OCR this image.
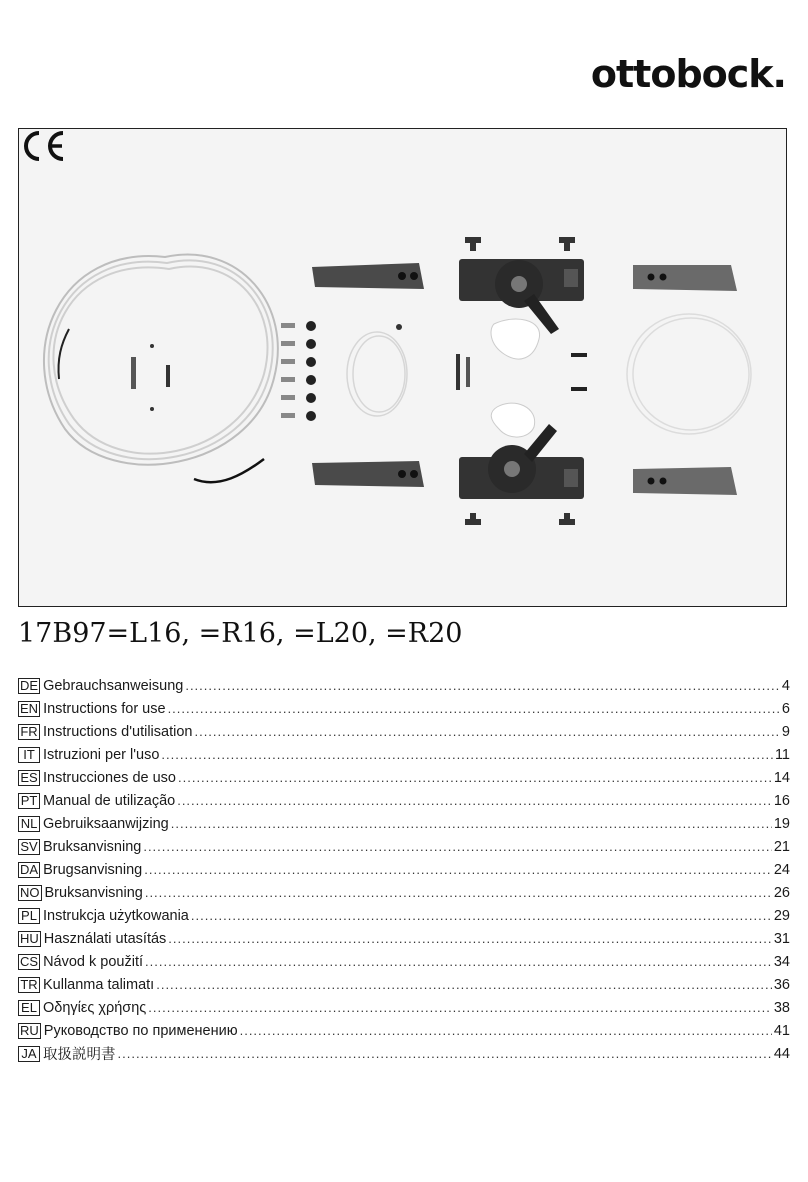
ottobock.
17B97=L16, =R16, =L20, =R20
DE Gebrauchsanweisung .....	4
EN Instructions for use .....	6
FR Instructions d'utilisation .....	9
IT Istruzioni per l'uso .....	11
ES Instrucciones de uso .....	14
PT Manual de utilização .....	16
NL Gebruiksaanwijzing .....	19
SV Bruksanvisning .....	21
DA Brugsanvisning .....	24
NO Bruksanvisning .....	26
PL Instrukcja użytkowania .....	29
HU Használati utasítás .....	31
CS Návod k použití .....	34
TR Kullanma talimatı .....	36
EL Οδηγίες χρήσης .....	38
RU Руководство по применению .....	41
JA 取扱説明書 .....	44
